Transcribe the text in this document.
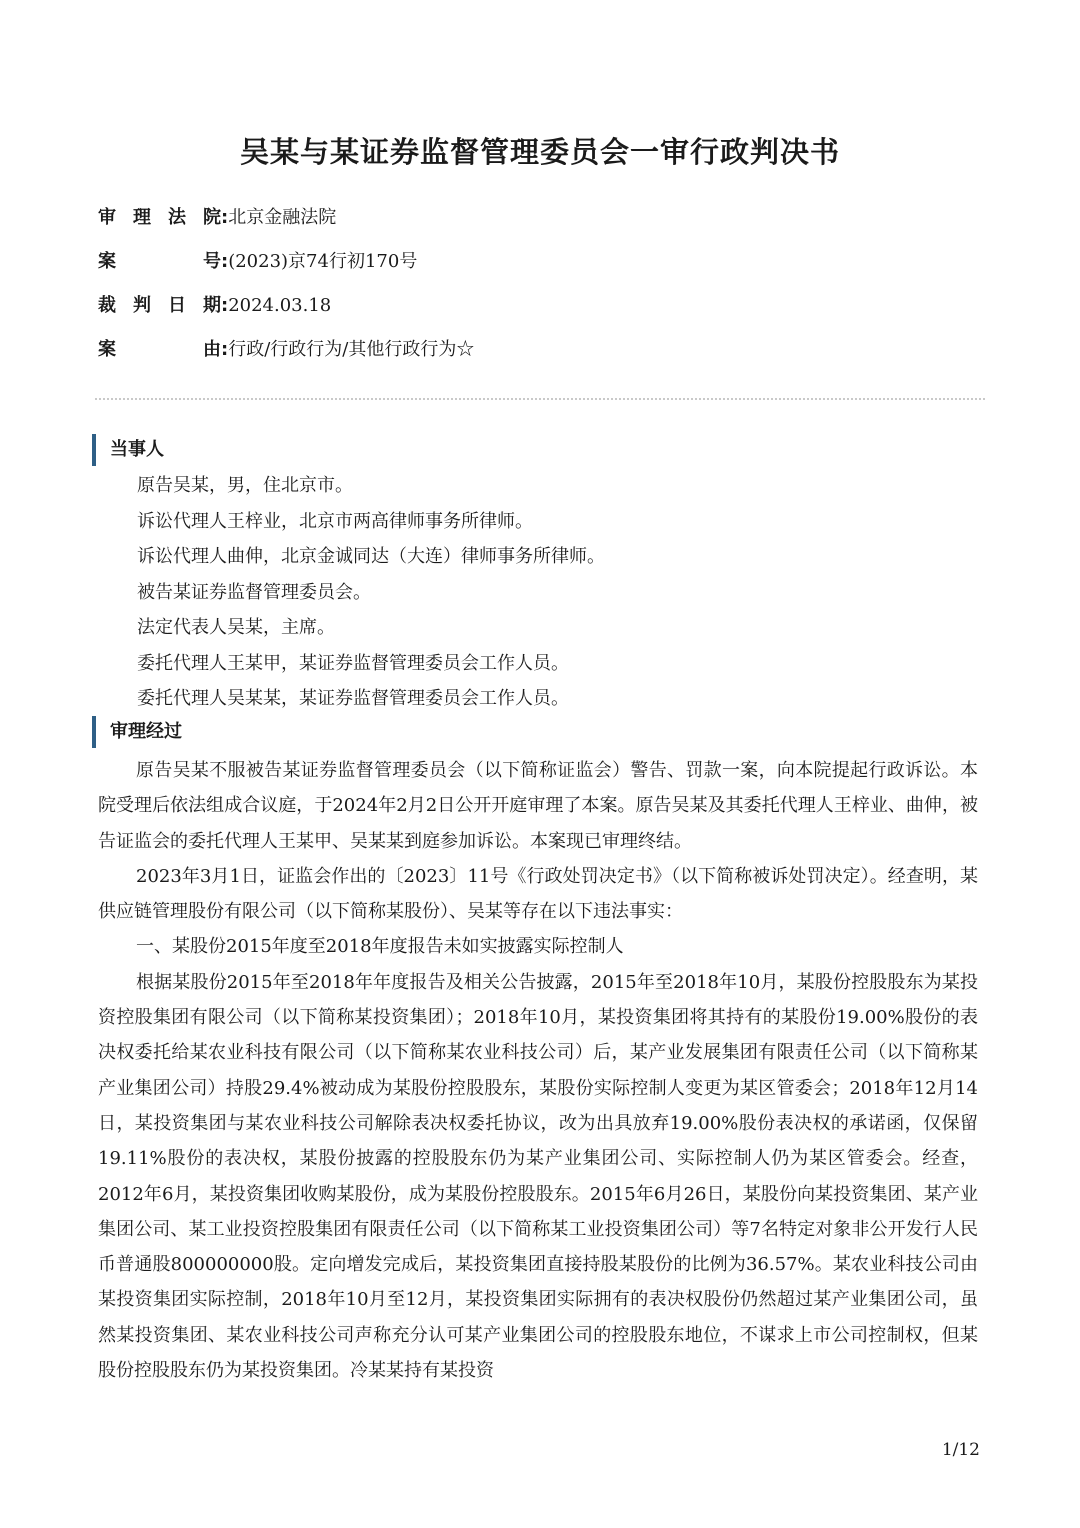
吴某与某证券监督管理委员会一审行政判决书
审 理 法 院 :北京金融法院
案	号 :(2023)京74行初170号
裁 判 日 期 :2024.03.18
案	由 :行政/行政行为/其他行政行为☆
当事人

原告吴某，男，住北京市。

诉讼代理人王梓业，北京市两高律师事务所律师。

诉讼代理人曲伸，北京金诚同达（大连）律师事务所律师。

被告某证券监督管理委员会。

法定代表人吴某，主席。

委托代理人王某甲，某证券监督管理委员会工作人员。

委托代理人吴某某，某证券监督管理委员会工作人员。

审理经过

原告吴某不服被告某证券监督管理委员会（以下简称证监会）警告、罚款一案，向本院提起行政诉讼。本院受理后依法组成合议庭，于2024年2月2日公开开庭审理了本案。原告吴某及其委托代理人王梓业、曲伸，被告证监会的委托代理人王某甲、吴某某到庭参加诉讼。本案现已审理终结。

2023年3月1日，证监会作出的〔2023〕11号《行政处罚决定书》（以下简称被诉处罚决定）。经查明，某供应链管理股份有限公司（以下简称某股份）、吴某等存在以下违法事实：

一、某股份2015年度至2018年度报告未如实披露实际控制人

根据某股份2015年至2018年年度报告及相关公告披露，2015年至2018年10月，某股份控股股东为某投资控股集团有限公司（以下简称某投资集团）；2018年10月，某投资集团将其持有的某股份19.00%股份的表决权委托给某农业科技有限公司（以下简称某农业科技公司）后，某产业发展集团有限责任公司（以下简称某产业集团公司）持股29.4%被动成为某股份控股股东，某股份实际控制人变更为某区管委会；2018年12月14日，某投资集团与某农业科技公司解除表决权委托协议，改为出具放弃19.00%股份表决权的承诺函，仅保留19.11%股份的表决权，某股份披露的控股股东仍为某产业集团公司、实际控制人仍为某区管委会。经查，2012年6月，某投资集团收购某股份，成为某股份控股股东。2015年6月26日，某股份向某投资集团、某产业集团公司、某工业投资控股集团有限责任公司（以下简称某工业投资集团公司）等7名特定对象非公开发行人民币普通股800000000股。定向增发完成后，某投资集团直接持股某股份的比例为36.57%。某农业科技公司由某投资集团实际控制，2018年10月至12月，某投资集团实际拥有的表决权股份仍然超过某产业集团公司，虽然某投资集团、某农业科技公司声称充分认可某产业集团公司的控股股东地位，不谋求上市公司控制权，但某股份控股股东仍为某投资集团。冷某某持有某投资

1/12
